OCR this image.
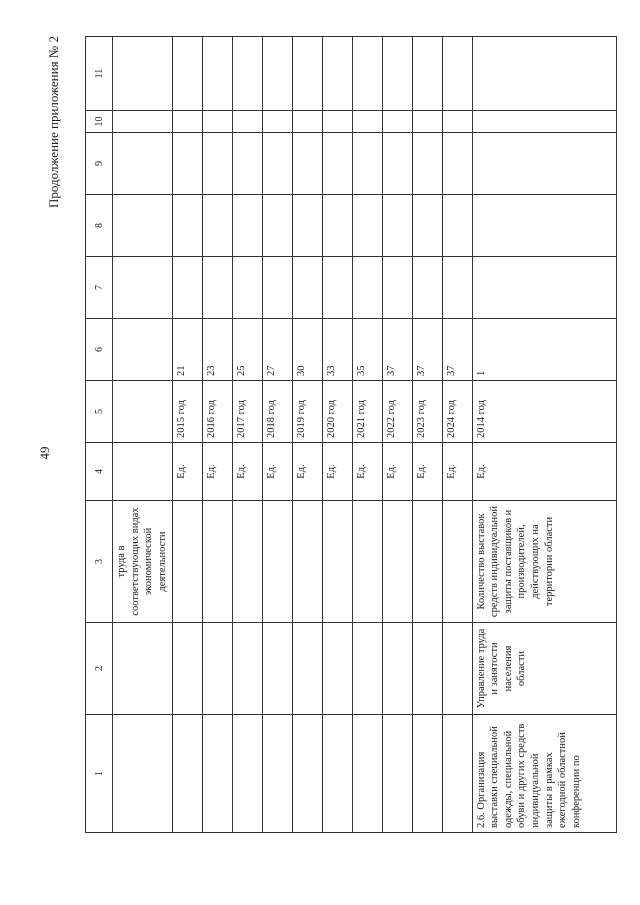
49
Продолжение приложения № 2
1	2	3	4	5	6	7	8	9	10	11
		труда в соответствующих видах экономической деятельности								
			Ед.	2015 год	21					
			Ед.	2016 год	23					
			Ед.	2017 год	25					
			Ед.	2018 год	27					
			Ед.	2019 год	30					
			Ед.	2020 год	33					
			Ед.	2021 год	35					
			Ед.	2022 год	37					
			Ед.	2023 год	37					
			Ед.	2024 год	37					
2.6. Организация выставки специальной одежды, специальной обуви и других средств индивидуальной защиты в рамках ежегодной областной конференции по	Управление труда и занятости населения области	Количество выставок средств индивидуальной защиты поставщиков и производителей, действующих на территории области	Ед.	2014 год	1					
